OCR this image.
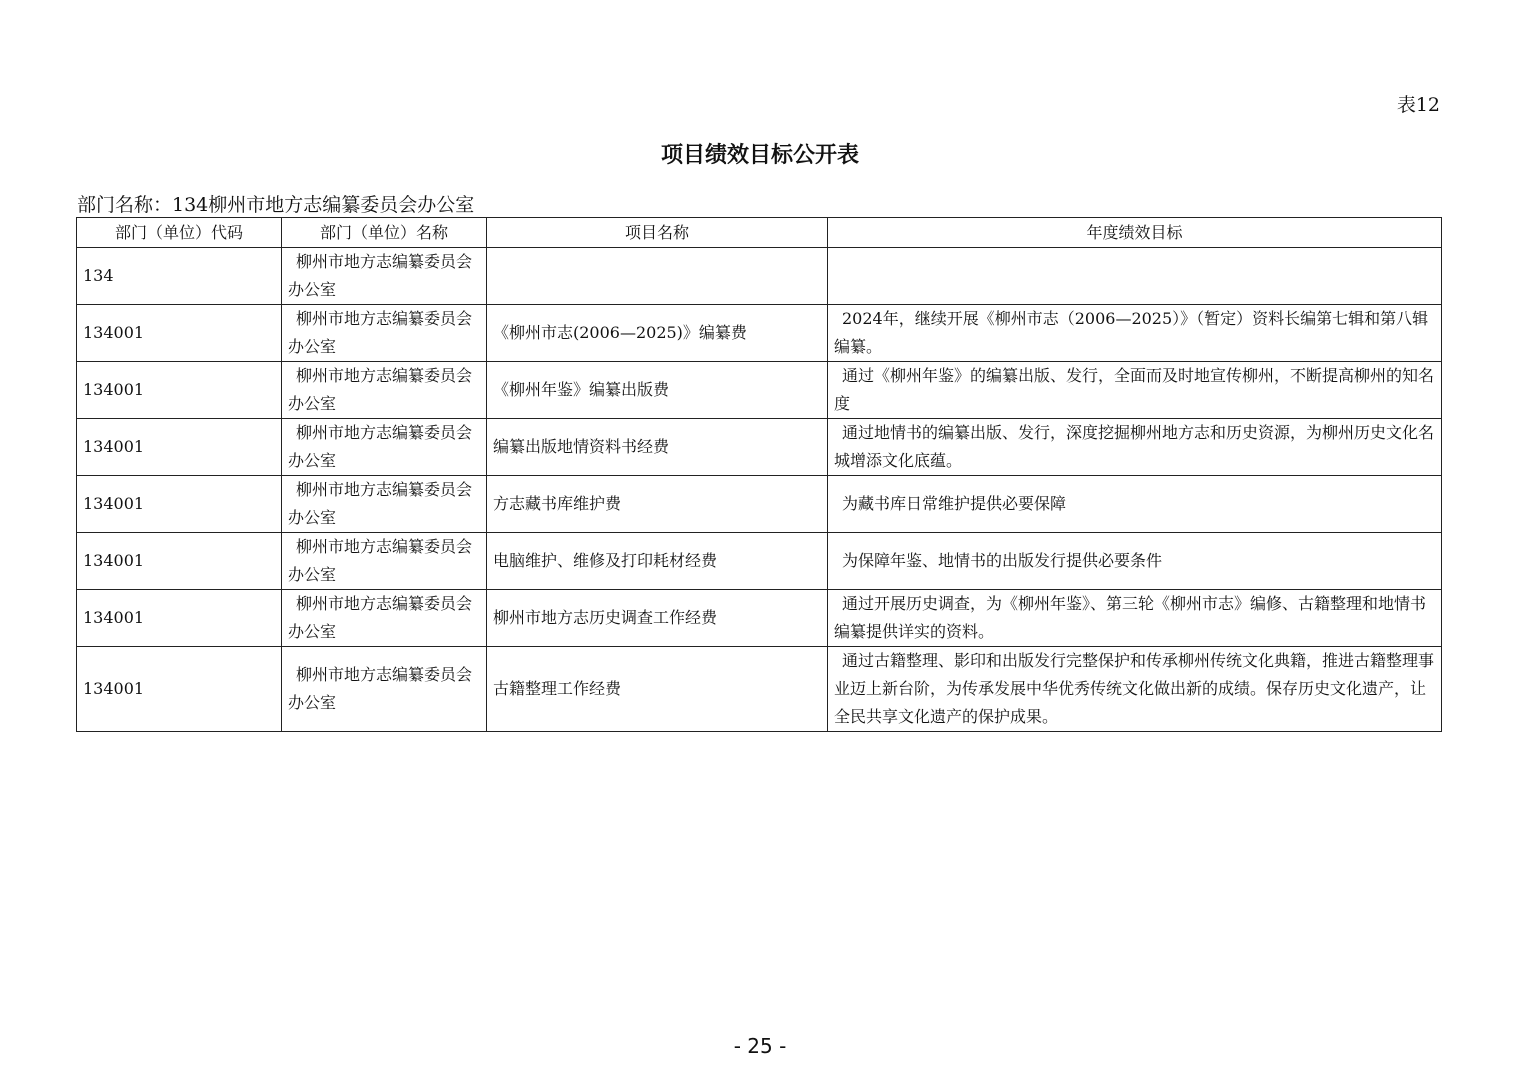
表12
项目绩效目标公开表
部门名称：134柳州市地方志编纂委员会办公室
部门（单位）代码	部门（单位）名称	项目名称	年度绩效目标
134	柳州市地方志编纂委员会办公室		
134001	柳州市地方志编纂委员会办公室	《柳州市志(2006—2025)》编纂费	2024年，继续开展《柳州市志（2006—2025）》（暂定）资料长编第七辑和第八辑编纂。
134001	柳州市地方志编纂委员会办公室	《柳州年鉴》编纂出版费	通过《柳州年鉴》的编纂出版、发行，全面而及时地宣传柳州，不断提高柳州的知名度
134001	柳州市地方志编纂委员会办公室	编纂出版地情资料书经费	通过地情书的编纂出版、发行，深度挖掘柳州地方志和历史资源，为柳州历史文化名城增添文化底蕴。
134001	柳州市地方志编纂委员会办公室	方志藏书库维护费	为藏书库日常维护提供必要保障
134001	柳州市地方志编纂委员会办公室	电脑维护、维修及打印耗材经费	为保障年鉴、地情书的出版发行提供必要条件
134001	柳州市地方志编纂委员会办公室	柳州市地方志历史调查工作经费	通过开展历史调查，为《柳州年鉴》、第三轮《柳州市志》编修、古籍整理和地情书编纂提供详实的资料。
134001	柳州市地方志编纂委员会办公室	古籍整理工作经费	通过古籍整理、影印和出版发行完整保护和传承柳州传统文化典籍，推进古籍整理事业迈上新台阶，为传承发展中华优秀传统文化做出新的成绩。保存历史文化遗产，让全民共享文化遗产的保护成果。
- 25 -
